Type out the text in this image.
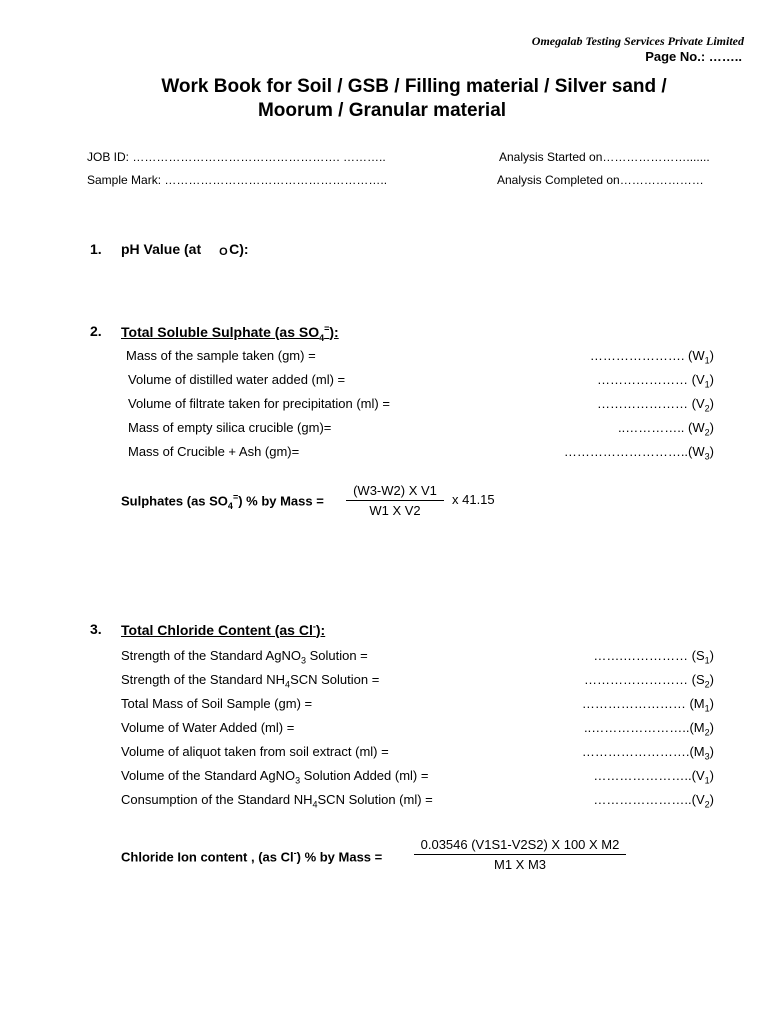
Omegalab Testing Services Private Limited
Page No.: ……..
Work Book for Soil / GSB / Filling material / Silver sand /
Moorum / Granular material
JOB ID: ……………………………………………. ………..
Sample Mark: ………………………………………………..
Analysis Started on………………….......
Analysis Completed on…………………
1. pH Value (at O C):
2. Total Soluble Sulphate (as $SO_4^=$):
Mass of the sample taken (gm) =	…………………. $(W_1)$
Volume of distilled water added (ml) =	………………… $(V_1)$
Volume of filtrate taken for precipitation (ml) =	………………… $(V_2)$
Mass of empty silica crucible (gm)=	..………….. $(W_2)$
Mass of Crucible + Ash (gm)=	$\dots\dots\dots\dots\dots\dots\dots\dots\dots..(W_3)$
Sulphates (as $SO_4^=$) % by Mass = $\frac{\text{(W3-W2) X V1}}{\text{W1 X V2}}$ x 41.15
3. Total Chloride Content (as Cl-):
Strength of the Standard AgNO$_3$ Solution =	…….…………… $(S_1)$
Strength of the Standard $NH_4SCN$ Solution =	…………………… $(S_2)$
Total Mass of Soil Sample (gm) =	…………………… $(M_1)$
Volume of Water Added (ml) =	$..\dots\dots\dots\dots\dots\dots\dots..(M_2)$
Volume of aliquot taken from soil extract (ml) =	$\dots\dots\dots\dots\dots\dots\dots\dots.(M_3)$
Volume of the Standard AgNO$_3$ Solution Added (ml) =	$\dots\dots\dots\dots\dots\dots\dots..(V_1)$
Consumption of the Standard $NH_4SCN$ Solution (ml) =	$\dots\dots\dots\dots\dots\dots\dots..(V_2)$
Chloride Ion content , (as Cl-) % by Mass = $\frac{\text{0.03546 (V1S1-V2S2) X 100 X M2}}{\text{M1 X M3}}$
